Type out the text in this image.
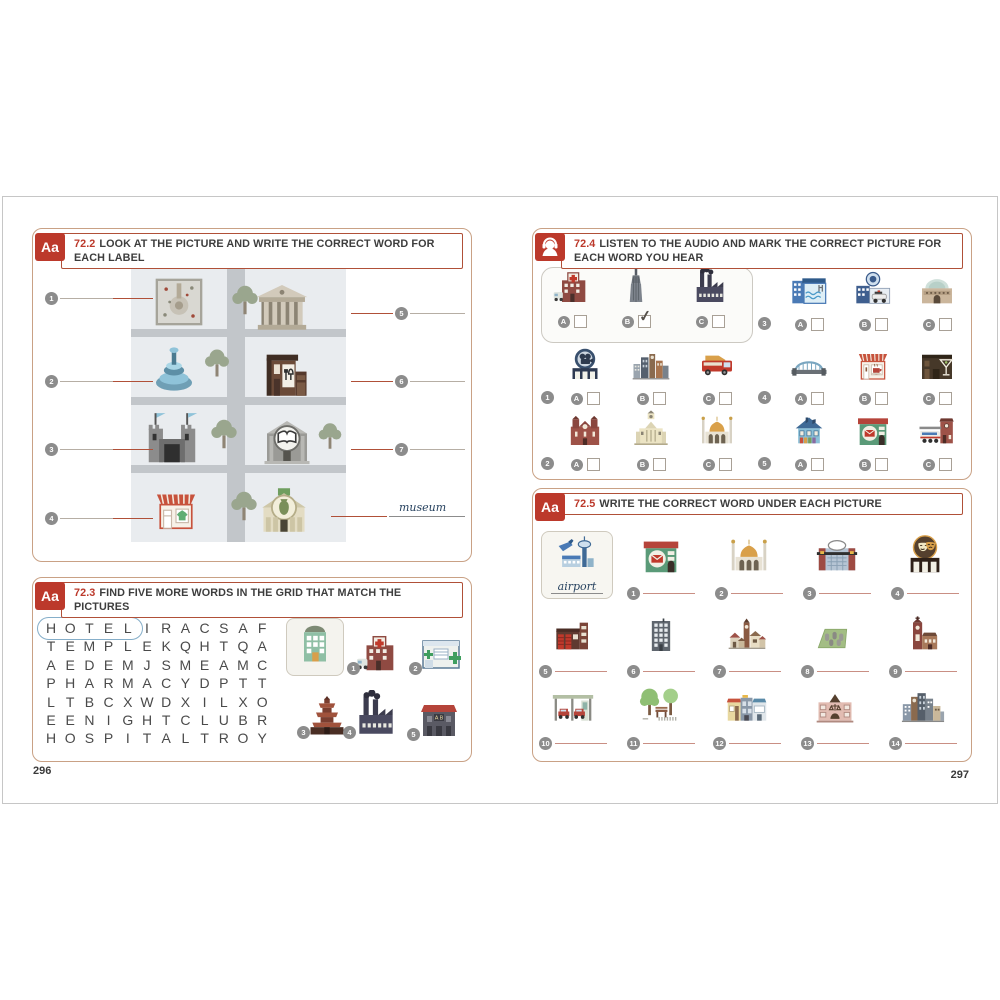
Aa 72.2 LOOK AT THE PICTURE AND WRITE THE CORRECT WORD FOR EACH LABEL
1
2
3
4
5
6
7
museum
Aa 72.3 FIND FIVE MORE WORDS IN THE GRID THAT MATCH THE PICTURES
H O T E L I R A C S A F
T E M P L E K Q H T Q A
A E D E M J S M E A M C
P H A R M A C Y D P T T
L T B C X W D X I L X O
E E N I G H T C L U B R
H O S P I T A L T R O Y
1	2
3	4
A B
5
72.4 LISTEN TO THE AUDIO AND MARK THE CORRECT PICTURE FOR EACH WORD YOU HEAR
A	B ✓	C
1	A	B	C
2	A	B	C
3	A	B	C
4	A	B	C
5	A	B	C
Aa 72.5 WRITE THE CORRECT WORD UNDER EACH PICTURE
airport
1	2	3	4
5	6	7	8	9
10	11	12	13	14
296	297
